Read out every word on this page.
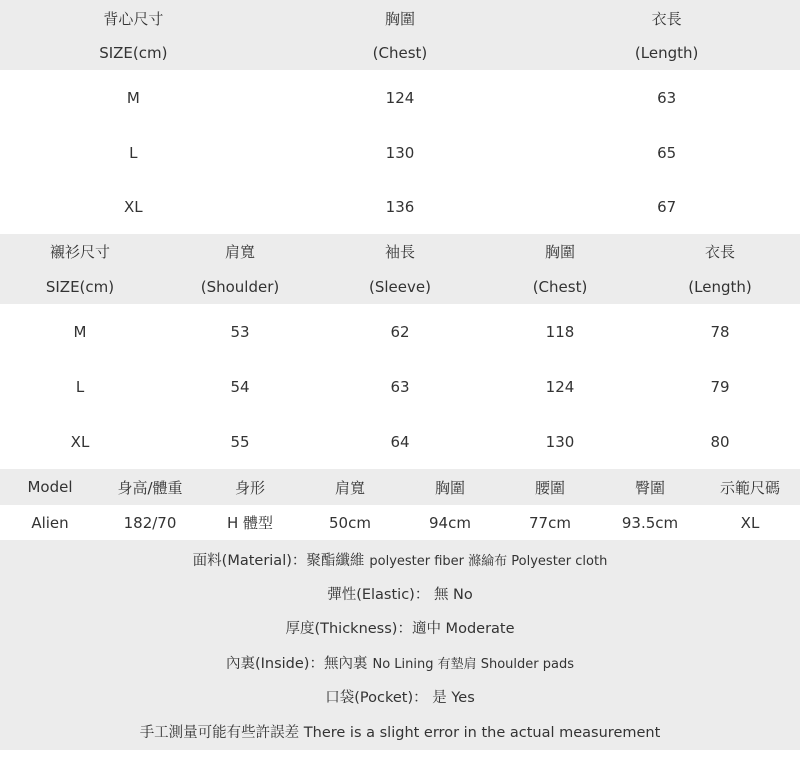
背心尺寸	胸圍	衣長
SIZE(cm)	(Chest)	(Length)
M	124	63
L	130	65
XL	136	67
襯衫尺寸	肩寬	袖長	胸圍	衣長
SIZE(cm)	(Shoulder)	(Sleeve)	(Chest)	(Length)
M	53	62	118	78
L	54	63	124	79
XL	55	64	130	80
Model	身高/體重	身形	肩寬	胸圍	腰圍	臀圍	示範尺碼
Alien	182/70	H 體型	50cm	94cm	77cm	93.5cm	XL
面料(Material)：聚酯纖維 polyester fiber 滌綸布 Polyester cloth
彈性(Elastic)： 無 No
厚度(Thickness)：適中 Moderate
內裏(Inside)：無內裏 No Lining 有墊肩 Shoulder pads
口袋(Pocket)： 是 Yes
手工測量可能有些許誤差 There is a slight error in the actual measurement
